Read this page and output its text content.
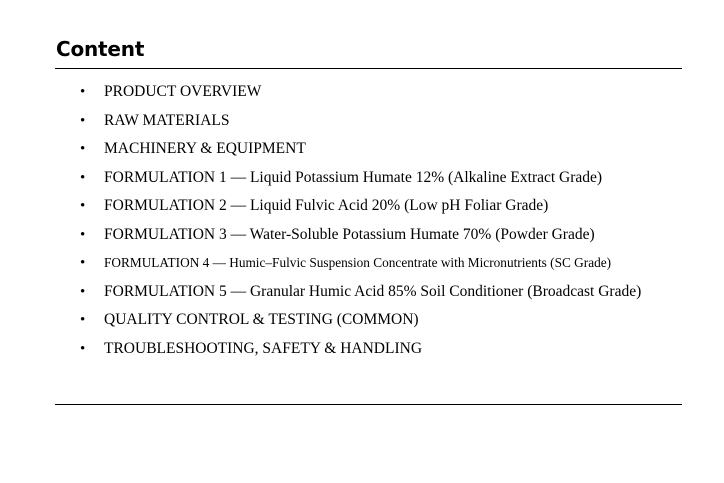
Content
• PRODUCT OVERVIEW
• RAW MATERIALS
• MACHINERY & EQUIPMENT
• FORMULATION 1 — Liquid Potassium Humate 12% (Alkaline Extract Grade)
• FORMULATION 2 — Liquid Fulvic Acid 20% (Low pH Foliar Grade)
• FORMULATION 3 — Water-Soluble Potassium Humate 70% (Powder Grade)
• FORMULATION 4 — Humic–Fulvic Suspension Concentrate with Micronutrients (SC Grade)
• FORMULATION 5 — Granular Humic Acid 85% Soil Conditioner (Broadcast Grade)
• QUALITY CONTROL & TESTING (COMMON)
• TROUBLESHOOTING, SAFETY & HANDLING
